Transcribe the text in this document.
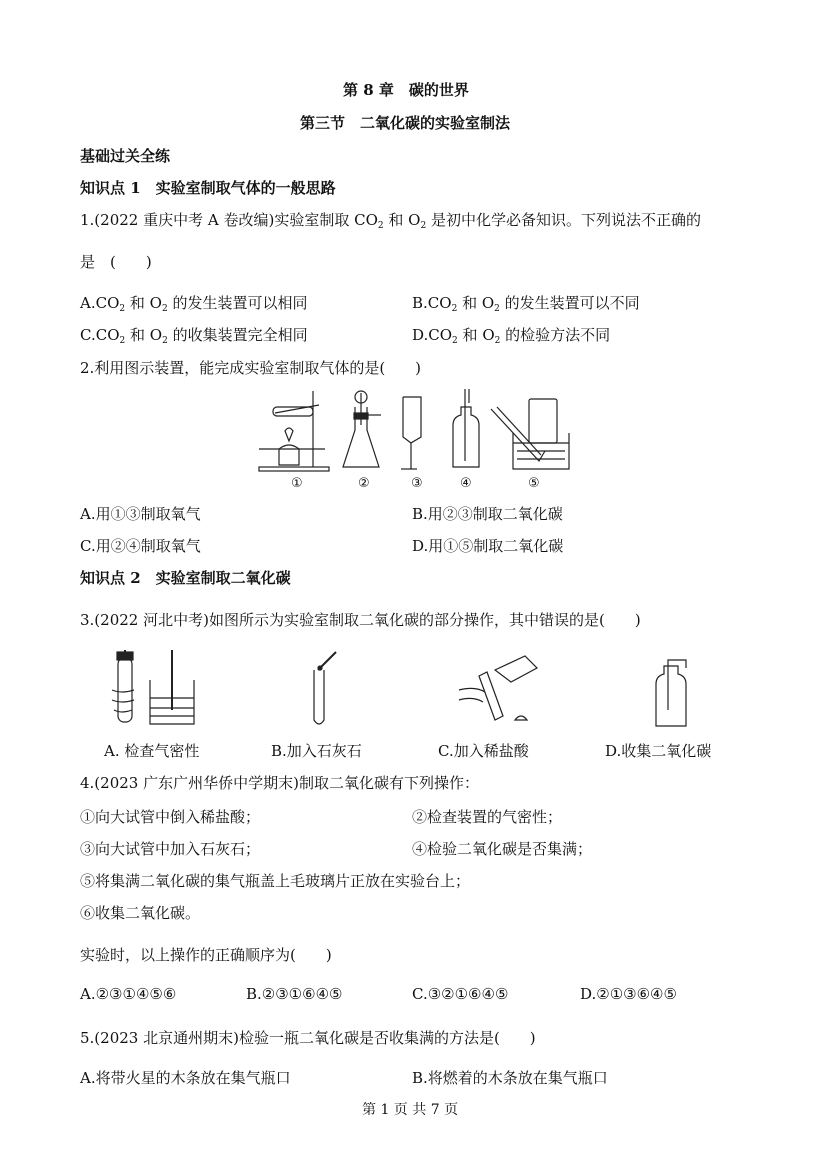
第 8 章　碳的世界
第三节　二氧化碳的实验室制法
基础过关全练
知识点 1　实验室制取气体的一般思路
1.(2022 重庆中考 A 卷改编)实验室制取 $CO_2$ 和 $O_2$ 是初中化学必备知识。下列说法不正确的
是　(　　)
$A.CO_2$ 和 $O_2$ 的发生装置可以相同	$B.CO_2$ 和 $O_2$ 的发生装置可以不同
$C.CO_2$ 和 $O_2$ 的收集装置完全相同	$D.CO_2$ 和 $O_2$ 的检验方法不同
2.利用图示装置，能完成实验室制取气体的是(　　)
①	②	③	④	⑤
A.用①③制取氧气	B.用②③制取二氧化碳
C.用②④制取氧气	D.用①⑤制取二氧化碳
知识点 2　实验室制取二氧化碳
3.(2022 河北中考)如图所示为实验室制取二氧化碳的部分操作，其中错误的是(　　)
A. 检查气密性	B.加入石灰石	C.加入稀盐酸	D.收集二氧化碳
4.(2023 广东广州华侨中学期末)制取二氧化碳有下列操作：
①向大试管中倒入稀盐酸；	②检查装置的气密性；
③向大试管中加入石灰石；	④检验二氧化碳是否集满；
⑤将集满二氧化碳的集气瓶盖上毛玻璃片正放在实验台上；
⑥收集二氧化碳。
实验时，以上操作的正确顺序为(　　)
A.②③①④⑤⑥	B.②③①⑥④⑤	C.③②①⑥④⑤	D.②①③⑥④⑤
5.(2023 北京通州期末)检验一瓶二氧化碳是否收集满的方法是(　　)
A.将带火星的木条放在集气瓶口	B.将燃着的木条放在集气瓶口
第 1 页 共 7 页
